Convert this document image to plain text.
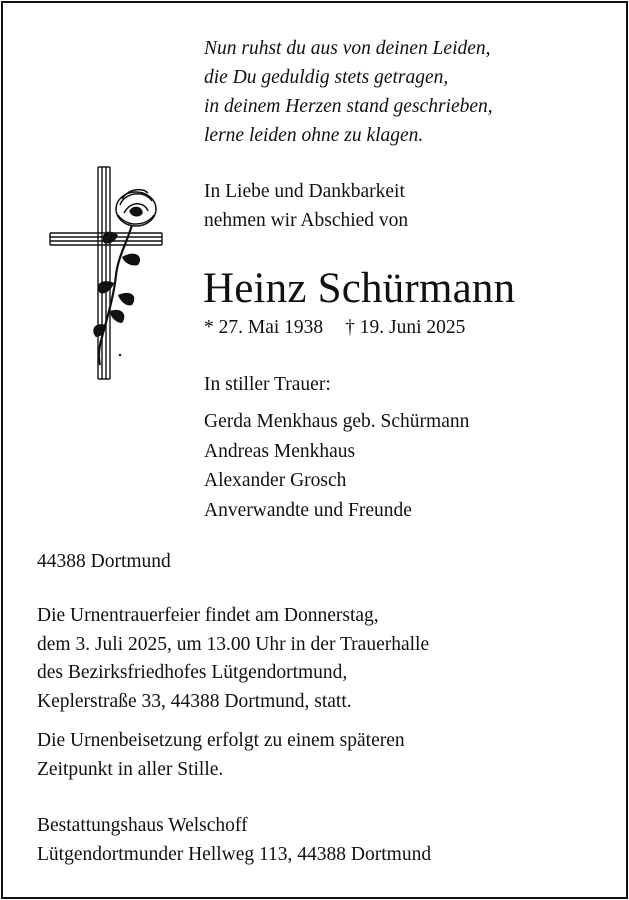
Nun ruhst du aus von deinen Leiden,
die Du geduldig stets getragen,
in deinem Herzen stand geschrieben,
lerne leiden ohne zu klagen.
In Liebe und Dankbarkeit
nehmen wir Abschied von
Heinz Schürmann
* 27. Mai 1938 † 19. Juni 2025
In stiller Trauer:
Gerda Menkhaus geb. Schürmann
Andreas Menkhaus
Alexander Grosch
Anverwandte und Freunde
44388 Dortmund
Die Urnentrauerfeier findet am Donnerstag,
dem 3. Juli 2025, um 13.00 Uhr in der Trauerhalle
des Bezirksfriedhofes Lütgendortmund,
Keplerstraße 33, 44388 Dortmund, statt.
Die Urnenbeisetzung erfolgt zu einem späteren
Zeitpunkt in aller Stille.
Bestattungshaus Welschoff
Lütgendortmunder Hellweg 113, 44388 Dortmund
